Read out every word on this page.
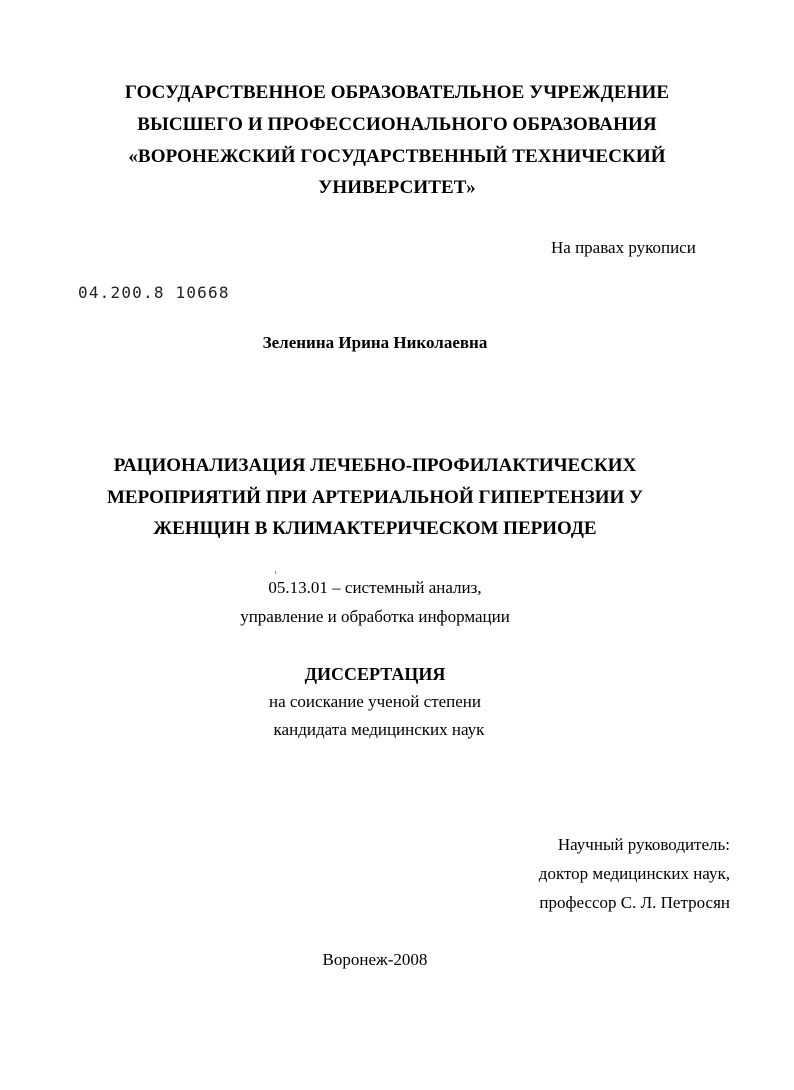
ГОСУДАРСТВЕННОЕ ОБРАЗОВАТЕЛЬНОЕ УЧРЕЖДЕНИЕ
ВЫСШЕГО И ПРОФЕССИОНАЛЬНОГО ОБРАЗОВАНИЯ
«ВОРОНЕЖСКИЙ ГОСУДАРСТВЕННЫЙ ТЕХНИЧЕСКИЙ
УНИВЕРСИТЕТ»
На правах рукописи
04.200.8 10668
Зеленина Ирина Николаевна
РАЦИОНАЛИЗАЦИЯ ЛЕЧЕБНО-ПРОФИЛАКТИЧЕСКИХ
МЕРОПРИЯТИЙ ПРИ АРТЕРИАЛЬНОЙ ГИПЕРТЕНЗИИ У
ЖЕНЩИН В КЛИМАКТЕРИЧЕСКОМ ПЕРИОДЕ
05.13.01 – системный анализ,
управление и обработка информации
ДИССЕРТАЦИЯ
на соискание ученой степени
кандидата медицинских наук
Научный руководитель:
доктор медицинских наук,
профессор С. Л. Петросян
Воронеж-2008
